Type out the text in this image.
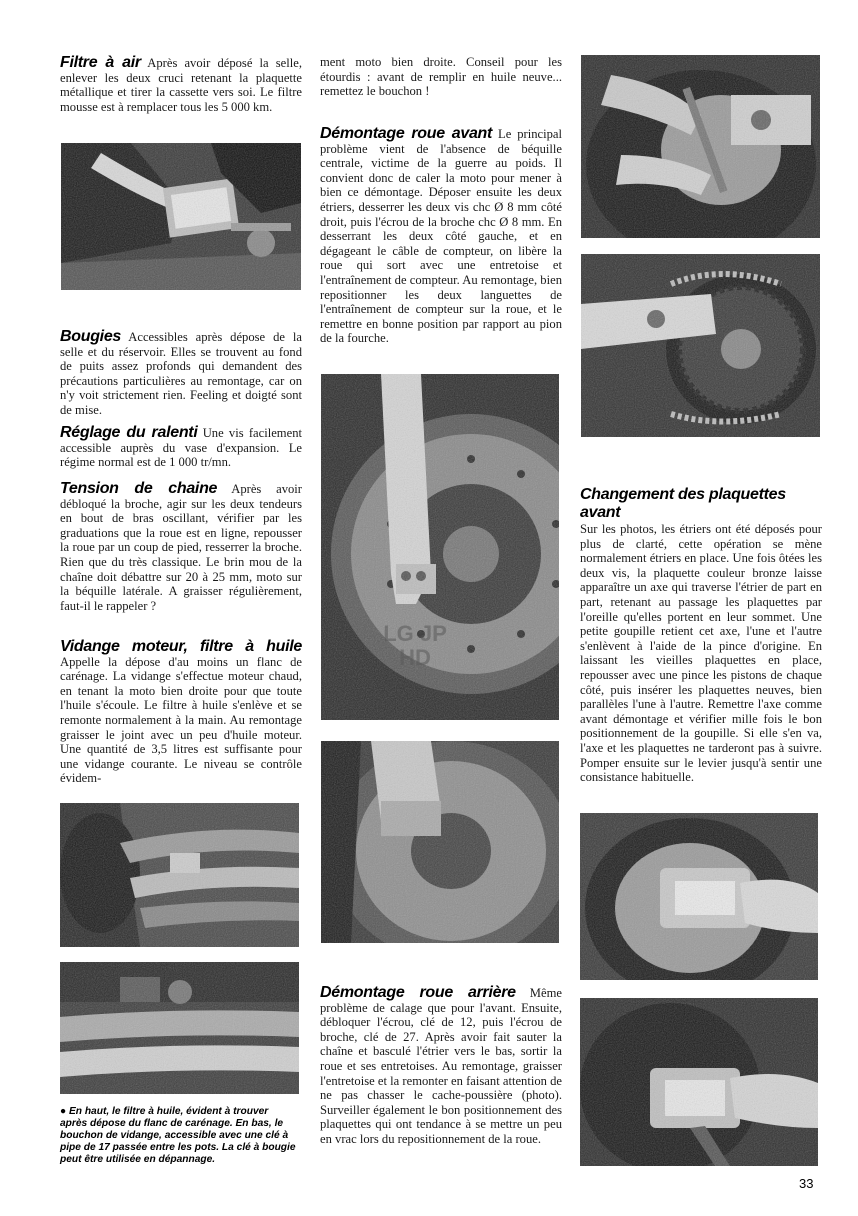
Filtre à air Après avoir déposé la selle, enlever les deux cruci retenant la plaquette métallique et tirer la cassette vers soi. Le filtre mousse est à remplacer tous les 5 000 km.

Bougies Accessibles après dépose de la selle et du réservoir. Elles se trouvent au fond de puits assez profonds qui demandent des précautions particulières au remontage, car on n'y voit strictement rien. Feeling et doigté sont de mise.

Réglage du ralenti Une vis facilement accessible auprès du vase d'expansion. Le régime normal est de 1 000 tr/mn.

Tension de chaine Après avoir débloqué la broche, agir sur les deux tendeurs en bout de bras oscillant, vérifier par les graduations que la roue est en ligne, repousser la roue par un coup de pied, resserrer la broche. Rien que du très classique. Le brin mou de la chaîne doit débattre sur 20 à 25 mm, moto sur la béquille latérale. A graisser régulièrement, faut-il le rappeler ?

Vidange moteur, filtre à huile Appelle la dépose d'au moins un flanc de carénage. La vidange s'effectue moteur chaud, en tenant la moto bien droite pour que toute l'huile s'écoule. Le filtre à huile s'enlève et se remonte normalement à la main. Au remontage graisser le joint avec un peu d'huile moteur. Une quantité de 3,5 litres est suffisante pour une vidange courante. Le niveau se contrôle évidem-

● En haut, le filtre à huile, évident à trouver après dépose du flanc de carénage. En bas, le bouchon de vidange, accessible avec une clé à pipe de 17 passée entre les pots. La clé à bougie peut être utilisée en dépannage.

ment moto bien droite. Conseil pour les étourdis : avant de remplir en huile neuve... remettez le bouchon !

Démontage roue avant Le principal problème vient de l'absence de béquille centrale, victime de la guerre au poids. Il convient donc de caler la moto pour mener à bien ce démontage. Déposer ensuite les deux étriers, desserrer les deux vis chc Ø 8 mm côté droit, puis l'écrou de la broche chc Ø 8 mm. En desserrant les deux côté gauche, et en dégageant le câble de compteur, on libère la roue qui sort avec une entretoise et l'entraînement de compteur. Au remontage, bien repositionner les deux languettes de l'entraînement de compteur sur la roue, et le remettre en bonne position par rapport au pion de la fourche.

LG JP HD

Démontage roue arrière Même problème de calage que pour l'avant. Ensuite, débloquer l'écrou, clé de 12, puis l'écrou de broche, clé de 27. Après avoir fait sauter la chaîne et basculé l'étrier vers le bas, sortir la roue et ses entretoises. Au remontage, graisser l'entretoise et la remonter en faisant attention de ne pas chasser le cache-poussière (photo). Surveiller également le bon positionnement des plaquettes qui ont tendance à se mettre un peu en vrac lors du repositionnement de la roue.

Changement des plaquettes avant

Sur les photos, les étriers ont été déposés pour plus de clarté, cette opération se mène normalement étriers en place. Une fois ôtées les deux vis, la plaquette couleur bronze laisse apparaître un axe qui traverse l'étrier de part en part, retenant au passage les plaquettes par l'oreille qu'elles portent en leur sommet. Une petite goupille retient cet axe, l'une et l'autre s'enlèvent à l'aide de la pince d'origine. En laissant les vieilles plaquettes en place, repousser avec une pince les pistons de chaque côté, puis insérer les plaquettes neuves, bien parallèles l'une à l'autre. Remettre l'axe comme avant démontage et vérifier mille fois le bon positionnement de la goupille. Si elle s'en va, l'axe et les plaquettes ne tarderont pas à suivre. Pomper ensuite sur le levier jusqu'à sentir une consistance habituelle.

33
